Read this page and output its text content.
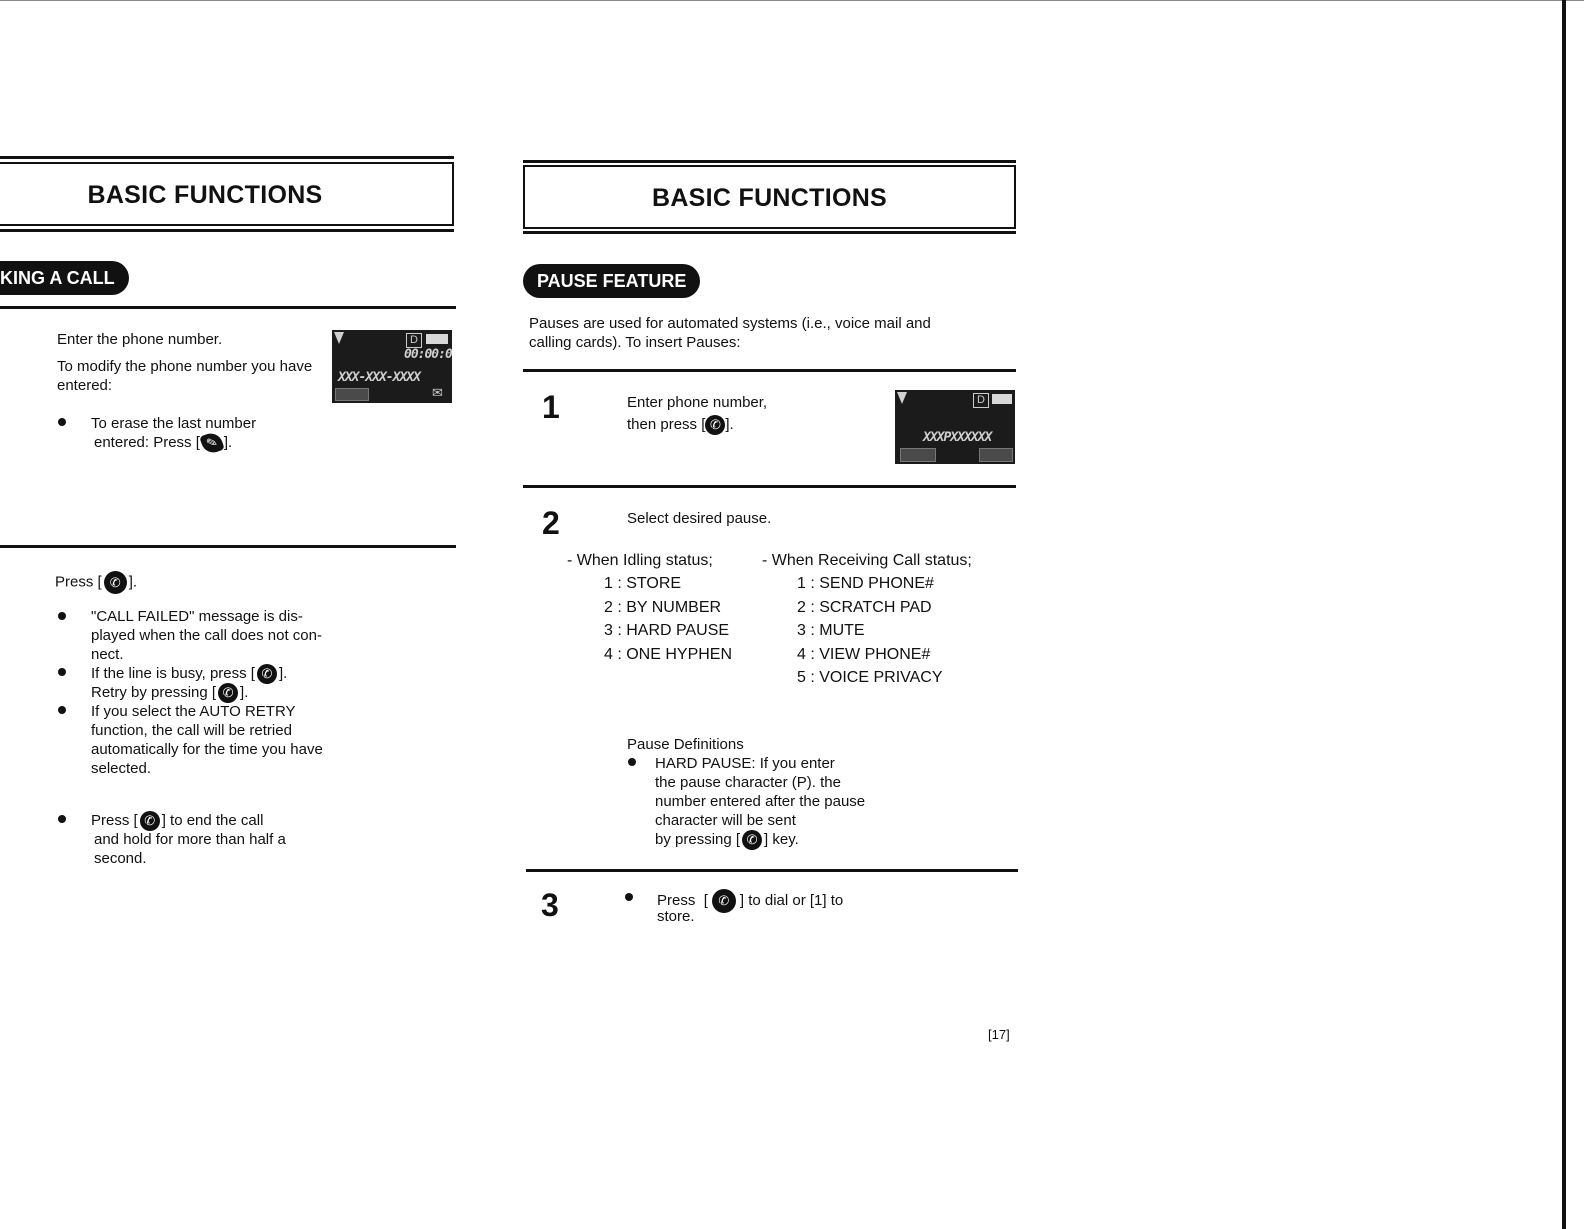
BASIC FUNCTIONS
KING A CALL
Enter the phone number.
To modify the phone number you have
entered:
D
00:00:0
XXX-XXX-XXXX
✉
To erase the last number
entered: Press [ ✎ ].
Press [ ✆ ].
"CALL FAILED" message is dis-
played when the call does not con-
nect.
If the line is busy, press [ ✆ ].
Retry by pressing [ ✆ ].
If you select the AUTO RETRY
function, the call will be retried
automatically for the time you have
selected.
Press [ ✆ ] to end the call
and hold for more than half a
second.
BASIC FUNCTIONS
PAUSE FEATURE
Pauses are used for automated systems (i.e., voice mail and
calling cards). To insert Pauses:
1	Enter phone number,
then press [ ✆ ].
D
XXXPXXXXXX
2	Select desired pause.
- When Idling status;
1 : STORE
2 : BY NUMBER
3 : HARD PAUSE
4 : ONE HYPHEN
- When Receiving Call status;
1 : SEND PHONE#
2 : SCRATCH PAD
3 : MUTE
4 : VIEW PHONE#
5 : VOICE PRIVACY
Pause Definitions
HARD PAUSE: If you enter
the pause character (P). the
number entered after the pause
character will be sent
by pressing [ ✆ ] key.
3	Press [ ✆ ] to dial or [1] to
store.
[17]
